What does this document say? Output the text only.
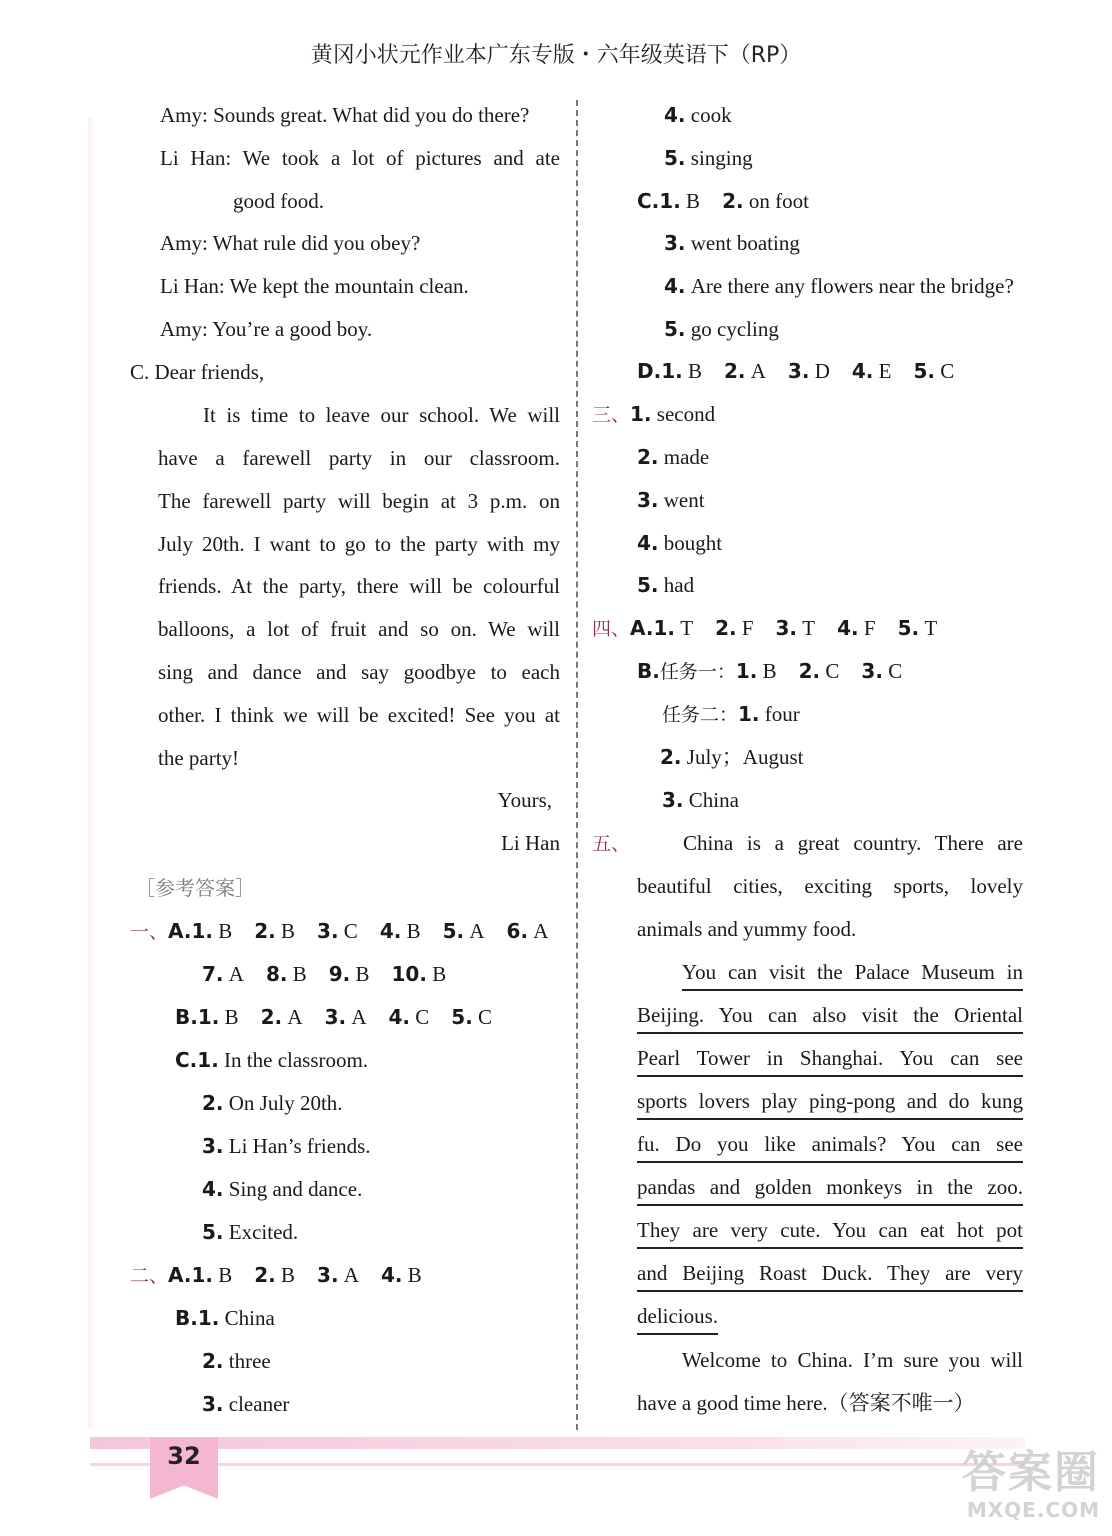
黄冈小状元作业本广东专版・六年级英语下（RP）
Amy: Sounds great. What did you do there?
Li Han: We took a lot of pictures and ate
good food.
Amy: What rule did you obey?
Li Han: We kept the mountain clean.
Amy: You’re a good boy.
C. Dear friends,
It is time to leave our school. We will
have a farewell party in our classroom.
The farewell party will begin at 3 p.m. on
July 20th. I want to go to the party with my
friends. At the party, there will be colourful
balloons, a lot of fruit and so on. We will
sing and dance and say goodbye to each
other. I think we will be excited! See you at
the party!
Yours,
Li Han
［参考答案］
一、A.1. B 2. B 3. C 4. B 5. A 6. A
7. A 8. B 9. B 10. B
B.1. B 2. A 3. A 4. C 5. C
C.1. In the classroom.
2. On July 20th.
3. Li Han’s friends.
4. Sing and dance.
5. Excited.
二、A.1. B 2. B 3. A 4. B
B.1. China
2. three
3. cleaner
4. cook
5. singing
C.1. B 2. on foot
3. went boating
4. Are there any flowers near the bridge?
5. go cycling
D.1. B 2. A 3. D 4. E 5. C
三、1. second
2. made
3. went
4. bought
5. had
四、A.1. T 2. F 3. T 4. F 5. T
B.任务一：1. B 2. C 3. C
任务二：1. four
2. July；August
3. China
五、	China is a great country. There are
beautiful cities, exciting sports, lovely
animals and yummy food.
You can visit the Palace Museum in
Beijing. You can also visit the Oriental
Pearl Tower in Shanghai. You can see
sports lovers play ping-pong and do kung
fu. Do you like animals? You can see
pandas and golden monkeys in the zoo.
They are very cute. You can eat hot pot
and Beijing Roast Duck. They are very
delicious.
Welcome to China. I’m sure you will
have a good time here.（答案不唯一）
32	答案圈
MXQE.COM
